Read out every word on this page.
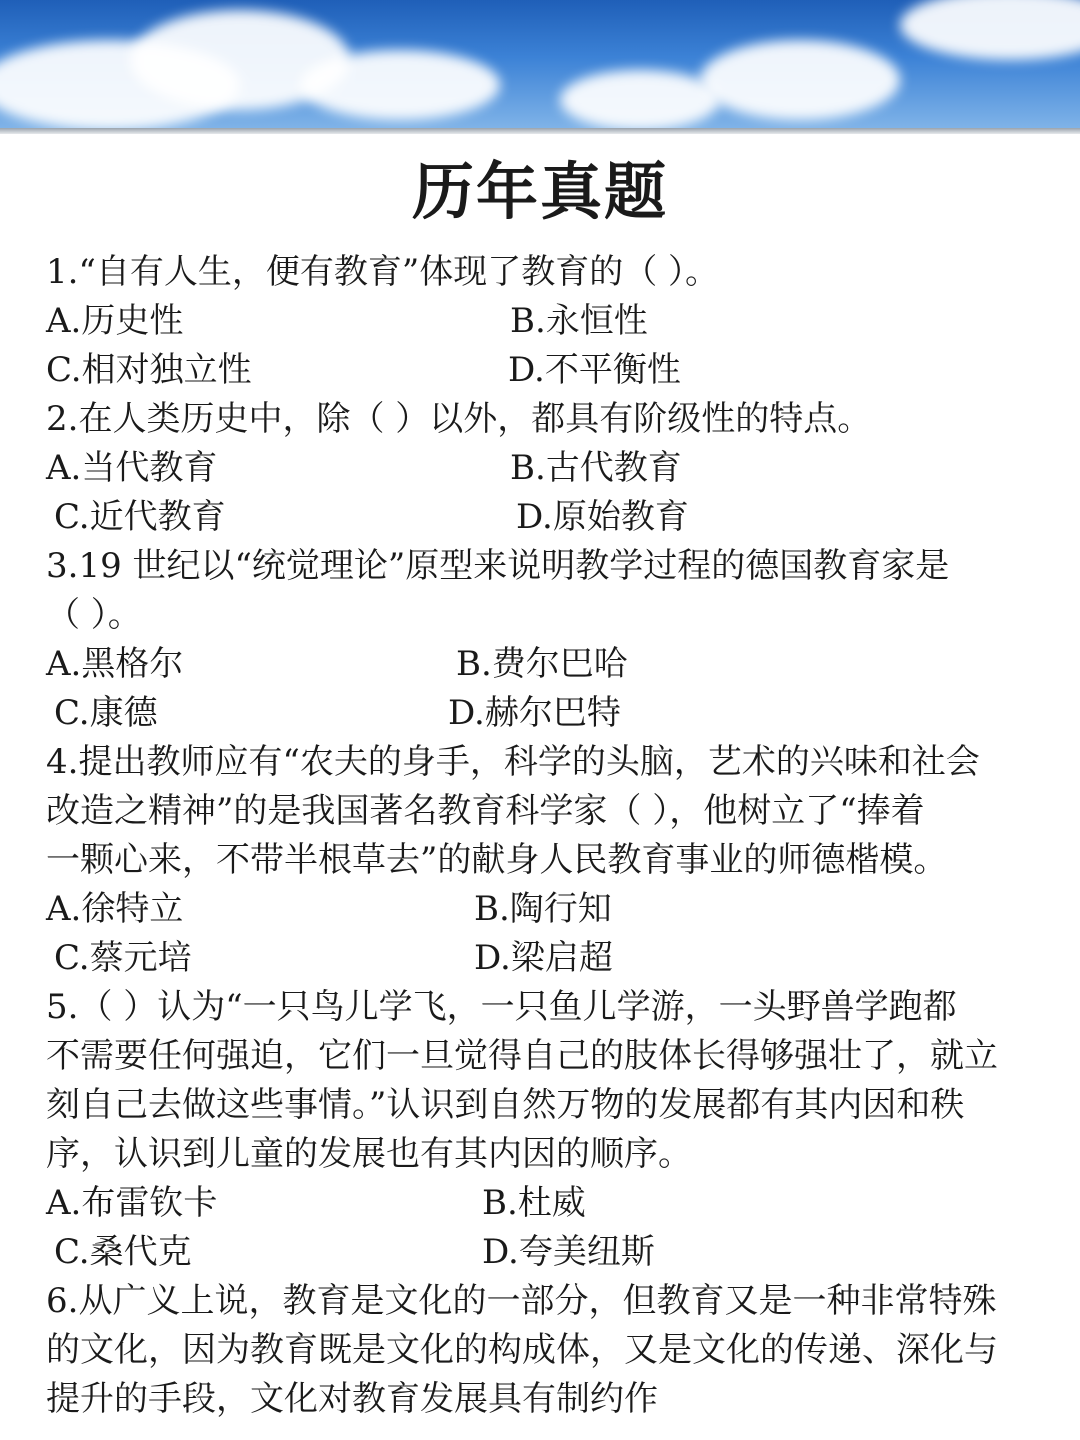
历年真题
1.“自有人生，便有教育”体现了教育的（ ）。
A.历史性	B.永恒性
C.相对独立性	D.不平衡性
2.在人类历史中，除（ ）以外，都具有阶级性的特点。
A.当代教育	B.古代教育
C.近代教育	D.原始教育
3.19 世纪以“统觉理论”原型来说明教学过程的德国教育家是
（ ）。
A.黑格尔	B.费尔巴哈
C.康德	D.赫尔巴特
4.提出教师应有“农夫的身手，科学的头脑，艺术的兴味和社会
改造之精神”的是我国著名教育科学家（ ），他树立了“捧着
一颗心来，不带半根草去”的献身人民教育事业的师德楷模。
A.徐特立	B.陶行知
C.蔡元培	D.梁启超
5.（ ）认为“一只鸟儿学飞，一只鱼儿学游，一头野兽学跑都
不需要任何强迫，它们一旦觉得自己的肢体长得够强壮了，就立
刻自己去做这些事情。”认识到自然万物的发展都有其内因和秩
序，认识到儿童的发展也有其内因的顺序。
A.布雷钦卡	B.杜威
C.桑代克	D.夸美纽斯
6.从广义上说，教育是文化的一部分，但教育又是一种非常特殊
的文化，因为教育既是文化的构成体，又是文化的传递、深化与
提升的手段，文化对教育发展具有制约作
